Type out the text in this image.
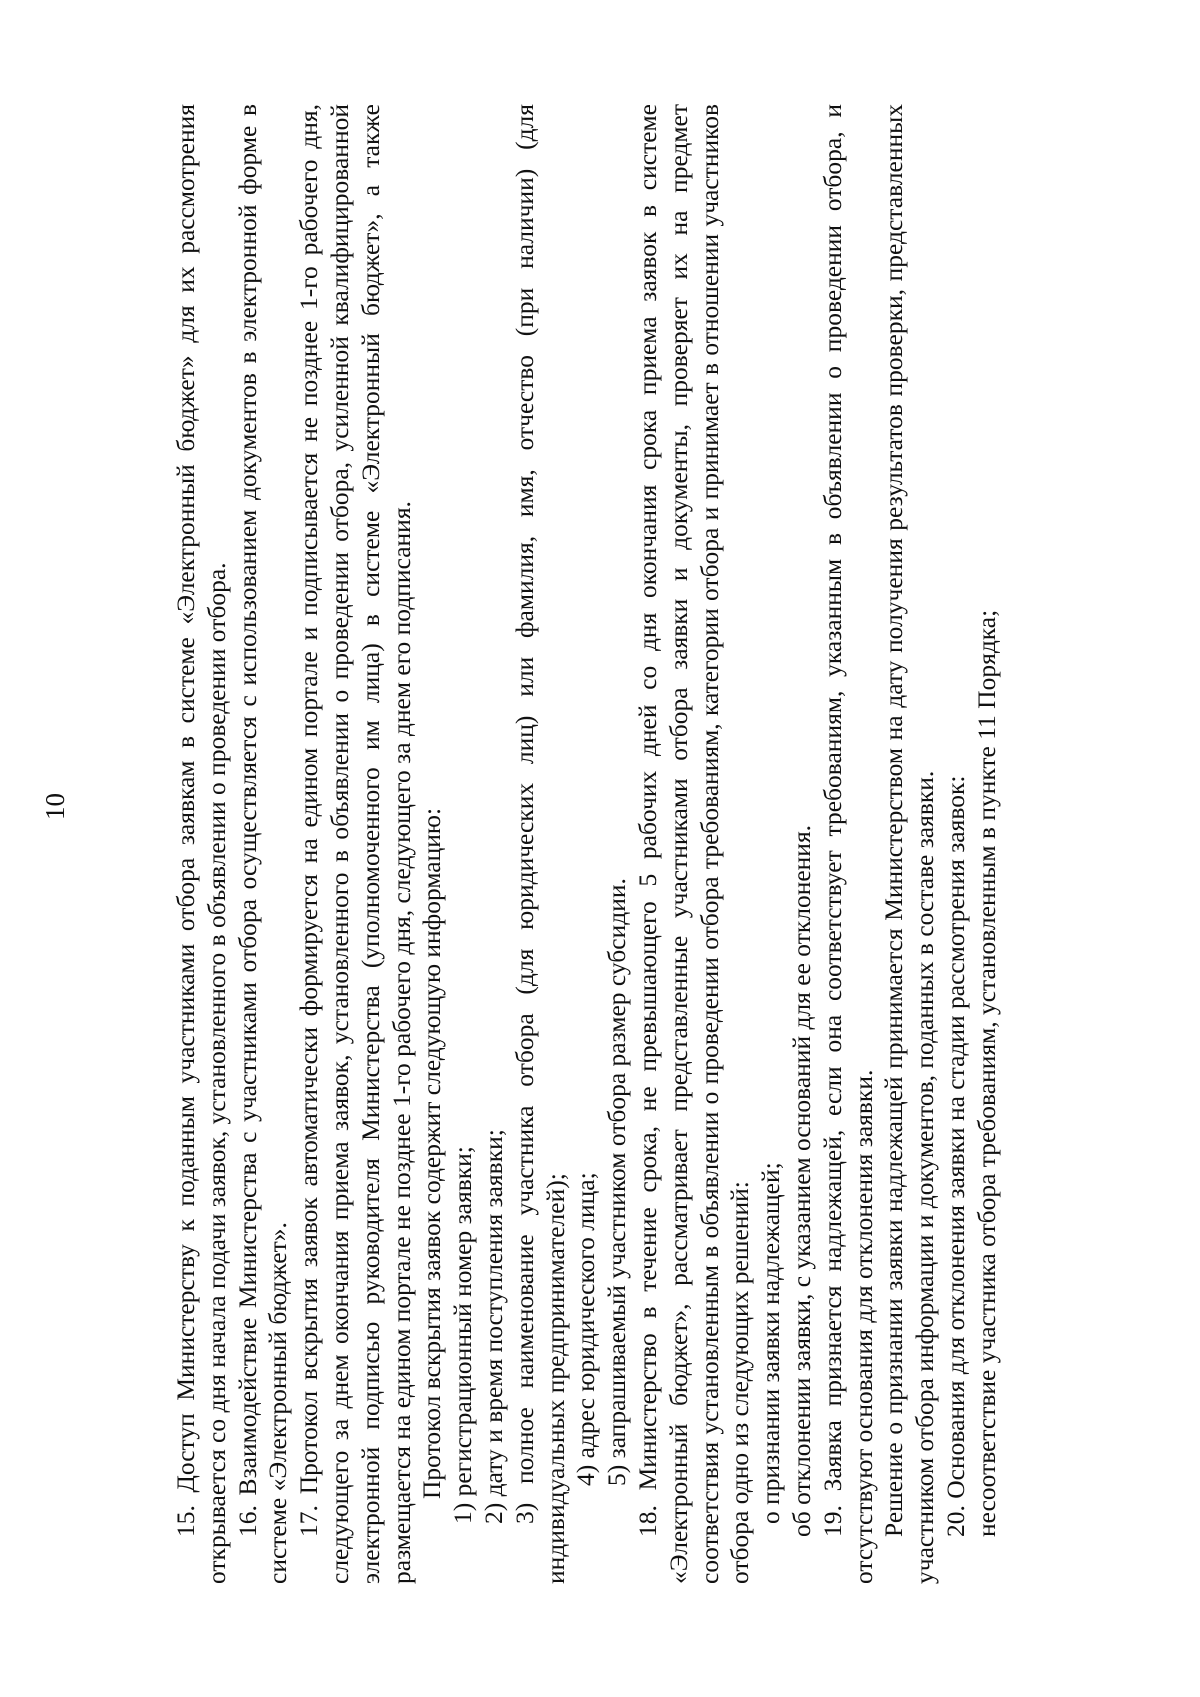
10	15. Доступ Министерству к поданным участниками отбора заявкам в системе «Электронный бюджет» для их рассмотрения открывается со дня начала подачи заявок, установленного в объявлении о проведении отбора. 16. Взаимодействие Министерства с участниками отбора осуществляется с использованием документов в электронной форме в системе «Электронный бюджет». 17. Протокол вскрытия заявок автоматически формируется на едином портале и подписывается не позднее 1-го рабочего дня, следующего за днем окончания приема заявок, установленного в объявлении о проведении отбора, усиленной квалифицированной электронной подписью руководителя Министерства (уполномоченного им лица) в системе «Электронный бюджет», а также размещается на едином портале не позднее 1-го рабочего дня, следующего за днем его подписания. Протокол вскрытия заявок содержит следующую информацию: 1) регистрационный номер заявки; 2) дату и время поступления заявки; 3) полное наименование участника отбора (для юридических лиц) или фамилия, имя, отчество (при наличии) (для индивидуальных предпринимателей); 4) адрес юридического лица; 5) запрашиваемый участником отбора размер субсидии. 18. Министерство в течение срока, не превышающего 5 рабочих дней со дня окончания срока приема заявок в системе «Электронный бюджет», рассматривает представленные участниками отбора заявки и документы, проверяет их на предмет соответствия установленным в объявлении о проведении отбора требованиям, категории отбора и принимает в отношении участников отбора одно из следующих решений: о признании заявки надлежащей; об отклонении заявки, с указанием оснований для ее отклонения. 19. Заявка признается надлежащей, если она соответствует требованиям, указанным в объявлении о проведении отбора, и отсутствуют основания для отклонения заявки. Решение о признании заявки надлежащей принимается Министерством на дату получения результатов проверки, представленных участником отбора информации и документов, поданных в составе заявки. 20. Основания для отклонения заявки на стадии рассмотрения заявок: несоответствие участника отбора требованиям, установленным в пункте 11 Порядка;
